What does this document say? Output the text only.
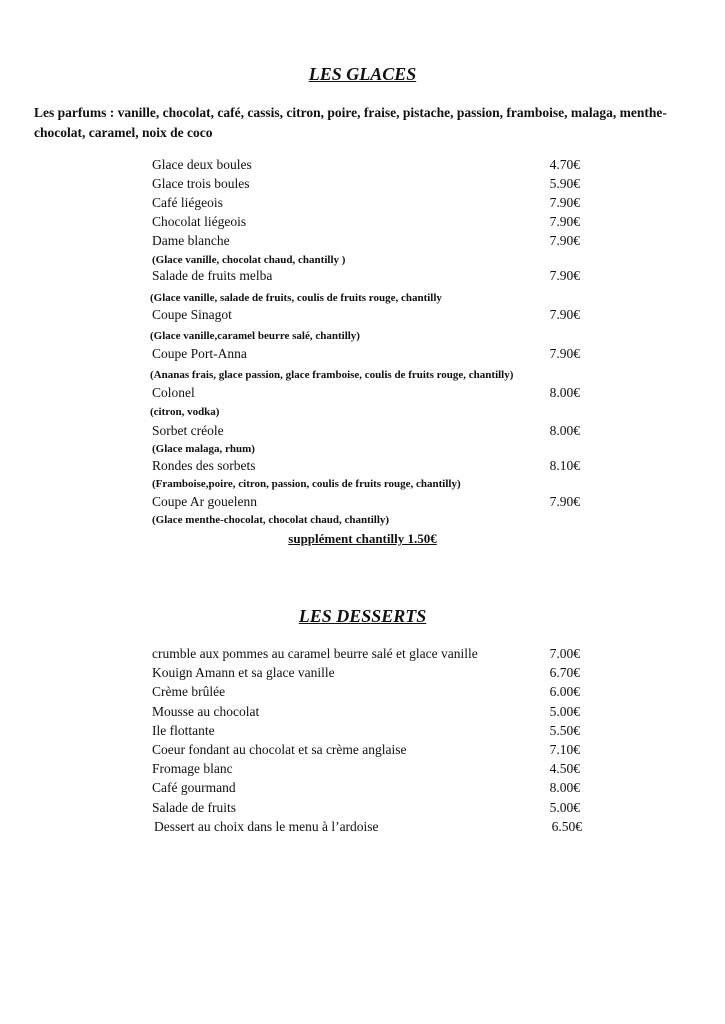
LES GLACES
Les parfums : vanille, chocolat, café, cassis, citron, poire, fraise, pistache, passion, framboise, malaga, menthe-chocolat, caramel, noix de coco
Glace deux boules	4.70€
Glace trois boules	5.90€
Café liégeois	7.90€
Chocolat liégeois	7.90€
Dame blanche	7.90€
(Glace vanille, chocolat chaud, chantilly )
Salade de fruits melba	7.90€
(Glace vanille, salade de fruits, coulis de fruits rouge, chantilly
Coupe Sinagot	7.90€
(Glace vanille,caramel beurre salé, chantilly)
Coupe Port-Anna	7.90€
(Ananas frais, glace passion, glace framboise, coulis de fruits rouge, chantilly)
Colonel	8.00€
(citron, vodka)
Sorbet créole	8.00€
(Glace malaga, rhum)
Rondes des sorbets	8.10€
(Framboise,poire, citron, passion, coulis de fruits rouge, chantilly)
Coupe Ar gouelenn	7.90€
(Glace menthe-chocolat, chocolat chaud, chantilly)
supplément chantilly 1.50€
LES DESSERTS
crumble aux pommes au caramel beurre salé et glace vanille	7.00€
Kouign Amann et sa glace vanille	6.70€
Crème brûlée	6.00€
Mousse au chocolat	5.00€
Ile flottante	5.50€
Coeur fondant au chocolat et sa crème anglaise	7.10€
Fromage blanc	4.50€
Café gourmand	8.00€
Salade de fruits	5.00€
Dessert au choix dans le menu à l’ardoise	6.50€
